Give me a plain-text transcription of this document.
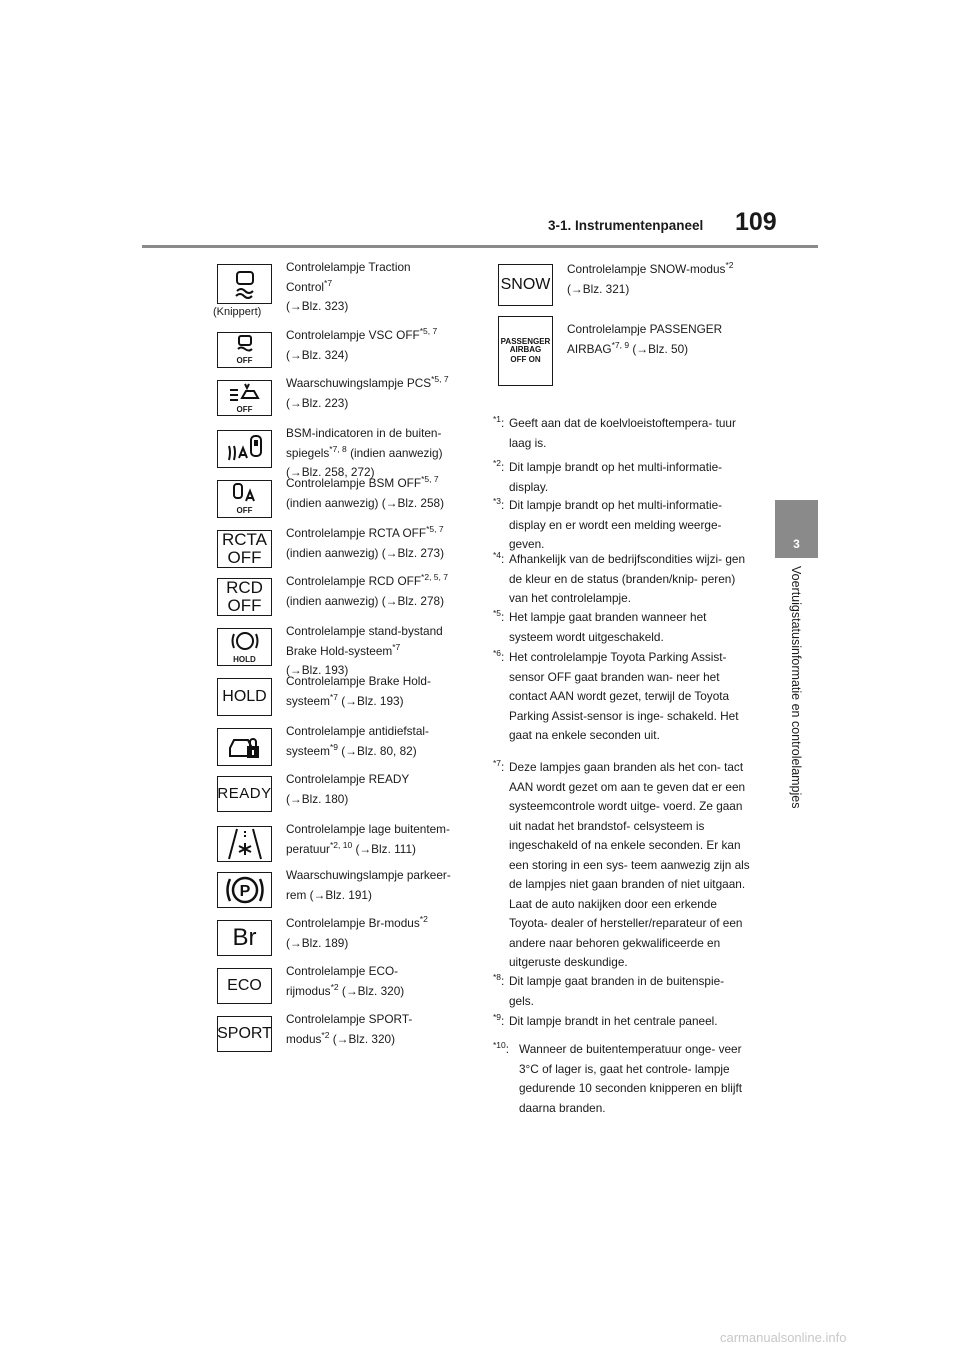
3-1. Instrumentenpaneel 109
3
Voertuigstatusinformatie en controlelampjes
(Knippert)
Controlelampje Traction
Control$^{*7}$
(→Blz. 323)
OFF
Controlelampje VSC OFF$^{*5, 7}$
(→Blz. 324)
OFF
Waarschuwingslampje PCS$^{*5, 7}$
(→Blz. 223)
BSM-indicatoren in de buiten-
spiegels$^{*7, 8}$ (indien aanwezig)
(→Blz. 258, 272)
OFF
Controlelampje BSM OFF$^{*5, 7}$
(indien aanwezig) (→Blz. 258)
RCTA
OFF
Controlelampje RCTA OFF$^{*5, 7}$
(indien aanwezig) (→Blz. 273)
RCD
OFF
Controlelampje RCD OFF$^{*2, 5, 7}$
(indien aanwezig) (→Blz. 278)
HOLD
Controlelampje stand-bystand
Brake Hold-systeem$^{*7}$
(→Blz. 193)
HOLD
Controlelampje Brake Hold-
systeem$^{*7}$ (→Blz. 193)
Controlelampje antidiefstal-
systeem$^{*9}$ (→Blz. 80, 82)
READY
Controlelampje READY
(→Blz. 180)
Controlelampje lage buitentem-
peratuur$^{*2, 10}$ (→Blz. 111)
P
Waarschuwingslampje parkeer-
rem (→Blz. 191)
Br
Controlelampje Br-modus$^{*2}$
(→Blz. 189)
ECO
Controlelampje ECO-
rijmodus$^{*2}$ (→Blz. 320)
SPORT
Controlelampje SPORT-
modus$^{*2}$ (→Blz. 320)
SNOW
Controlelampje SNOW-modus$^{*2}$
(→Blz. 321)
PASSENGER
AIRBAG
OFF ON
Controlelampje PASSENGER
AIRBAG$^{*7, 9}$ (→Blz. 50)
$^{*1}$: Geeft aan dat de koelvloeistoftempera- tuur laag is.
$^{*2}$: Dit lampje brandt op het multi-informatie- display.
$^{*3}$: Dit lampje brandt op het multi-informatie- display en er wordt een melding weerge- geven.
$^{*4}$: Afhankelijk van de bedrijfscondities wijzi- gen de kleur en de status (branden/knip- peren) van het controlelampje.
$^{*5}$: Het lampje gaat branden wanneer het systeem wordt uitgeschakeld.
$^{*6}$: Het controlelampje Toyota Parking Assist-sensor OFF gaat branden wan- neer het contact AAN wordt gezet, terwijl de Toyota Parking Assist-sensor is inge- schakeld. Het gaat na enkele seconden uit.
$^{*7}$: Deze lampjes gaan branden als het con- tact AAN wordt gezet om aan te geven dat er een systeemcontrole wordt uitge- voerd. Ze gaan uit nadat het brandstof- celsysteem is ingeschakeld of na enkele seconden. Er kan een storing in een sys- teem aanwezig zijn als de lampjes niet gaan branden of niet uitgaan. Laat de auto nakijken door een erkende Toyota- dealer of hersteller/reparateur of een andere naar behoren gekwalificeerde en uitgeruste deskundige.
$^{*8}$: Dit lampje gaat branden in de buitenspie- gels.
$^{*9}$: Dit lampje brandt in het centrale paneel.
$^{*10}$: Wanneer de buitentemperatuur onge- veer 3°C of lager is, gaat het controle- lampje gedurende 10 seconden knipperen en blijft daarna branden.
carmanualsonline.info
